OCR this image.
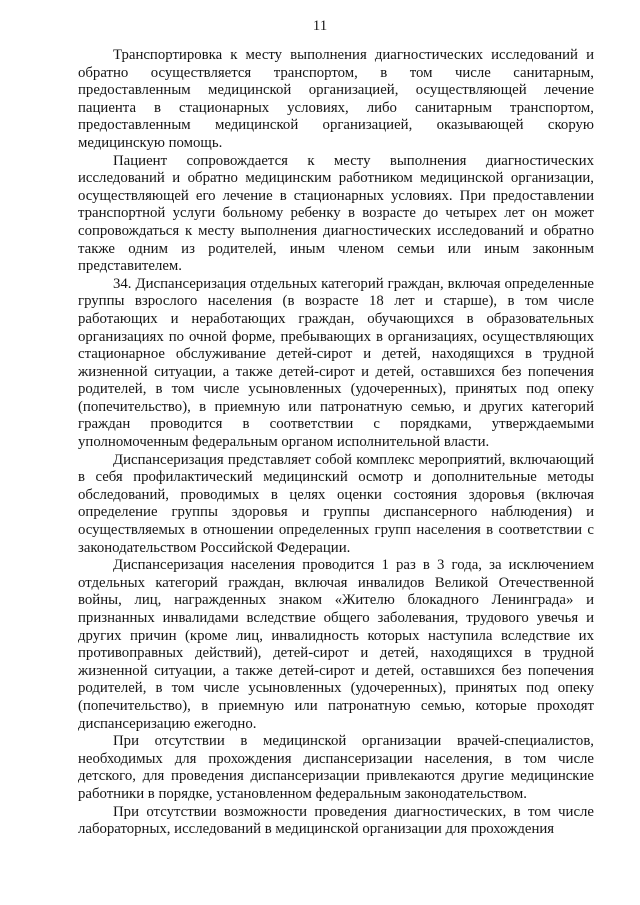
11

Транспортировка к месту выполнения диагностических исследований и обратно осуществляется транспортом, в том числе санитарным, предоставленным медицинской организацией, осуществляющей лечение пациента в стационарных условиях, либо санитарным транспортом, предоставленным медицинской организацией, оказывающей скорую медицинскую помощь.

Пациент сопровождается к месту выполнения диагностических исследований и обратно медицинским работником медицинской организации, осуществляющей его лечение в стационарных условиях. При предоставлении транспортной услуги больному ребенку в возрасте до четырех лет он может сопровождаться к месту выполнения диагностических исследований и обратно также одним из родителей, иным членом семьи или иным законным представителем.

34. Диспансеризация отдельных категорий граждан, включая определенные группы взрослого населения (в возрасте 18 лет и старше), в том числе работающих и неработающих граждан, обучающихся в образовательных организациях по очной форме, пребывающих в организациях, осуществляющих стационарное обслуживание детей-сирот и детей, находящихся в трудной жизненной ситуации, а также детей-сирот и детей, оставшихся без попечения родителей, в том числе усыновленных (удочеренных), принятых под опеку (попечительство), в приемную или патронатную семью, и других категорий граждан проводится в соответствии с порядками, утверждаемыми уполномоченным федеральным органом исполнительной власти.

Диспансеризация представляет собой комплекс мероприятий, включающий в себя профилактический медицинский осмотр и дополнительные методы обследований, проводимых в целях оценки состояния здоровья (включая определение группы здоровья и группы диспансерного наблюдения) и осуществляемых в отношении определенных групп населения в соответствии с законодательством Российской Федерации.

Диспансеризация населения проводится 1 раз в 3 года, за исключением отдельных категорий граждан, включая инвалидов Великой Отечественной войны, лиц, награжденных знаком «Жителю блокадного Ленинграда» и признанных инвалидами вследствие общего заболевания, трудового увечья и других причин (кроме лиц, инвалидность которых наступила вследствие их противоправных действий), детей-сирот и детей, находящихся в трудной жизненной ситуации, а также детей-сирот и детей, оставшихся без попечения родителей, в том числе усыновленных (удочеренных), принятых под опеку (попечительство), в приемную или патронатную семью, которые проходят диспансеризацию ежегодно.

При отсутствии в медицинской организации врачей-специалистов, необходимых для прохождения диспансеризации населения, в том числе детского, для проведения диспансеризации привлекаются другие медицинские работники в порядке, установленном федеральным законодательством.

При отсутствии возможности проведения диагностических, в том числе лабораторных, исследований в медицинской организации для прохождения
